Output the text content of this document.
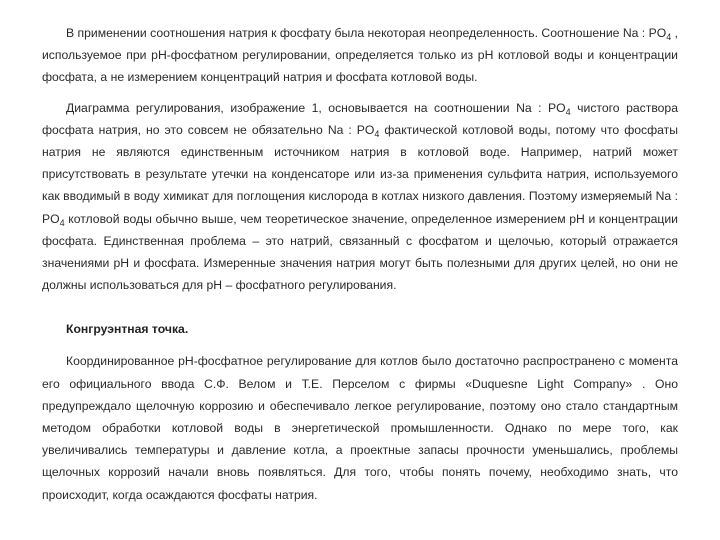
В применении соотношения натрия к фосфату была некоторая неопределенность. Соотношение Na : $PO_4$ , используемое при pH-фосфатном регулировании, определяется только из pH котловой воды и концентрации фосфата, а не измерением концентраций натрия и фосфата котловой воды.

Диаграмма регулирования, изображение 1, основывается на соотношении Na : $PO_4$ чистого раствора фосфата натрия, но это совсем не обязательно Na : $PO_4$ фактической котловой воды, потому что фосфаты натрия не являются единственным источником натрия в котловой воде. Например, натрий может присутствовать в результате утечки на конденсаторе или из-за применения сульфита натрия, используемого как вводимый в воду химикат для поглощения кислорода в котлах низкого давления. Поэтому измеряемый Na : $PO_4$ котловой воды обычно выше, чем теоретическое значение, определенное измерением pH и концентрации фосфата. Единственная проблема – это натрий, связанный с фосфатом и щелочью, который отражается значениями pH и фосфата. Измеренные значения натрия могут быть полезными для других целей, но они не должны использоваться для pH – фосфатного регулирования.

Конгруэнтная точка.

Координированное pH-фосфатное регулирование для котлов было достаточно распространено с момента его официального ввода С.Ф. Велом и Т.Е. Перселом с фирмы «Duquesne Light Company» . Оно предупреждало щелочную коррозию и обеспечивало легкое регулирование, поэтому оно стало стандартным методом обработки котловой воды в энергетической промышленности. Однако по мере того, как увеличивались температуры и давление котла, а проектные запасы прочности уменьшались, проблемы щелочных коррозий начали вновь появляться. Для того, чтобы понять почему, необходимо знать, что происходит, когда осаждаются фосфаты натрия.
